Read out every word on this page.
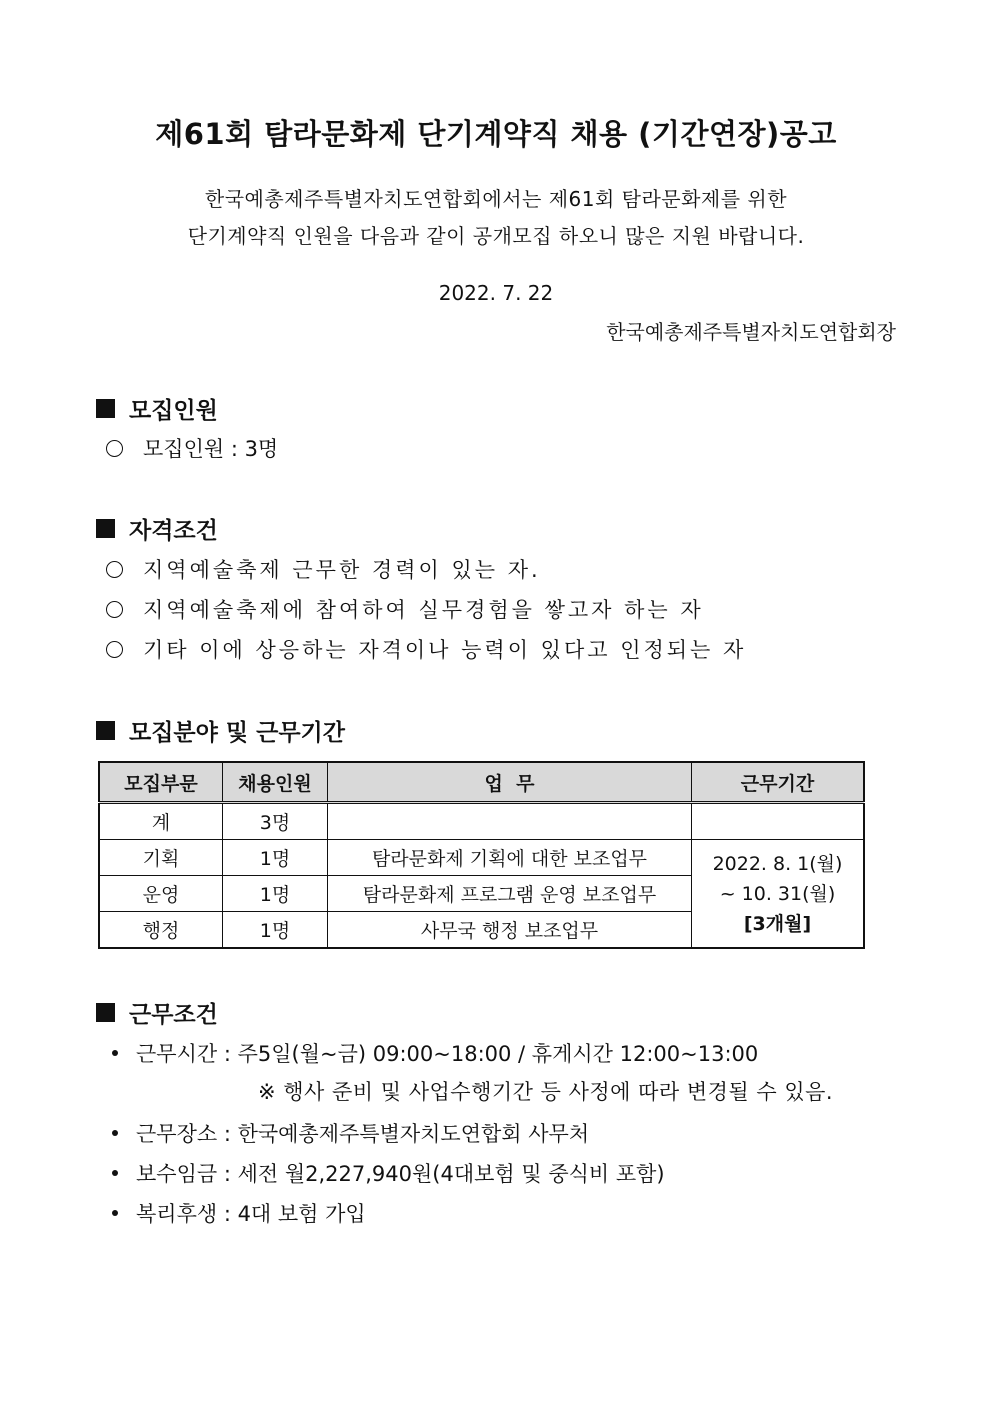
제61회 탐라문화제 단기계약직 채용 (기간연장)공고
한국예총제주특별자치도연합회에서는 제61회 탐라문화제를 위한
단기계약직 인원을 다음과 같이 공개모집 하오니 많은 지원 바랍니다.
2022. 7. 22
한국예총제주특별자치도연합회장
모집인원
모집인원 : 3명
자격조건
지역예술축제 근무한 경력이 있는 자.
지역예술축제에 참여하여 실무경험을 쌓고자 하는 자
기타 이에 상응하는 자격이나 능력이 있다고 인정되는 자
모집분야 및 근무기간
모집부문	채용인원	업  무	근무기간
계	3명		
기획	1명	탐라문화제 기획에 대한 보조업무	2022. 8. 1(월)
~ 10. 31(월)
[3개월]

운영	1명	탐라문화제 프로그램 운영 보조업무	
행정	1명	사무국 행정 보조업무	
근무조건
근무시간 : 주5일(월~금) 09:00~18:00 / 휴게시간 12:00~13:00
※ 행사 준비 및 사업수행기간 등 사정에 따라 변경될 수 있음.
근무장소 : 한국예총제주특별자치도연합회 사무처
보수임금 : 세전 월2,227,940원(4대보험 및 중식비 포함)
복리후생 : 4대 보험 가입
